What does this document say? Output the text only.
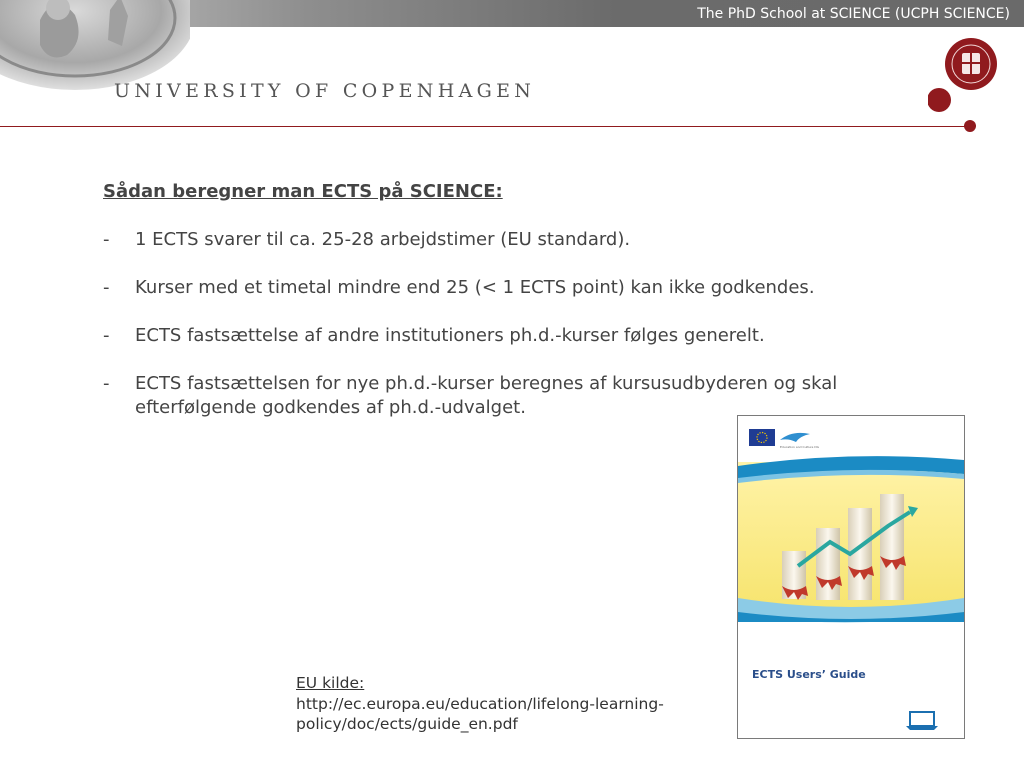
The PhD School at SCIENCE (UCPH SCIENCE)
UNIVERSITY OF COPENHAGEN
Sådan beregner man ECTS på SCIENCE:
-	1 ECTS svarer til ca. 25-28 arbejdstimer (EU standard).
-	Kurser med et timetal mindre end 25 (< 1 ECTS point) kan ikke godkendes.
-	ECTS fastsættelse af andre institutioners ph.d.-kurser følges generelt.
-	ECTS fastsættelsen for nye ph.d.-kurser beregnes af kursusudbyderen og skal efterfølgende godkendes af ph.d.-udvalget.
Education and Culture DG
ECTS Users’ Guide
EU kilde:
http://ec.europa.eu/education/lifelong-learning-
policy/doc/ects/guide_en.pdf
